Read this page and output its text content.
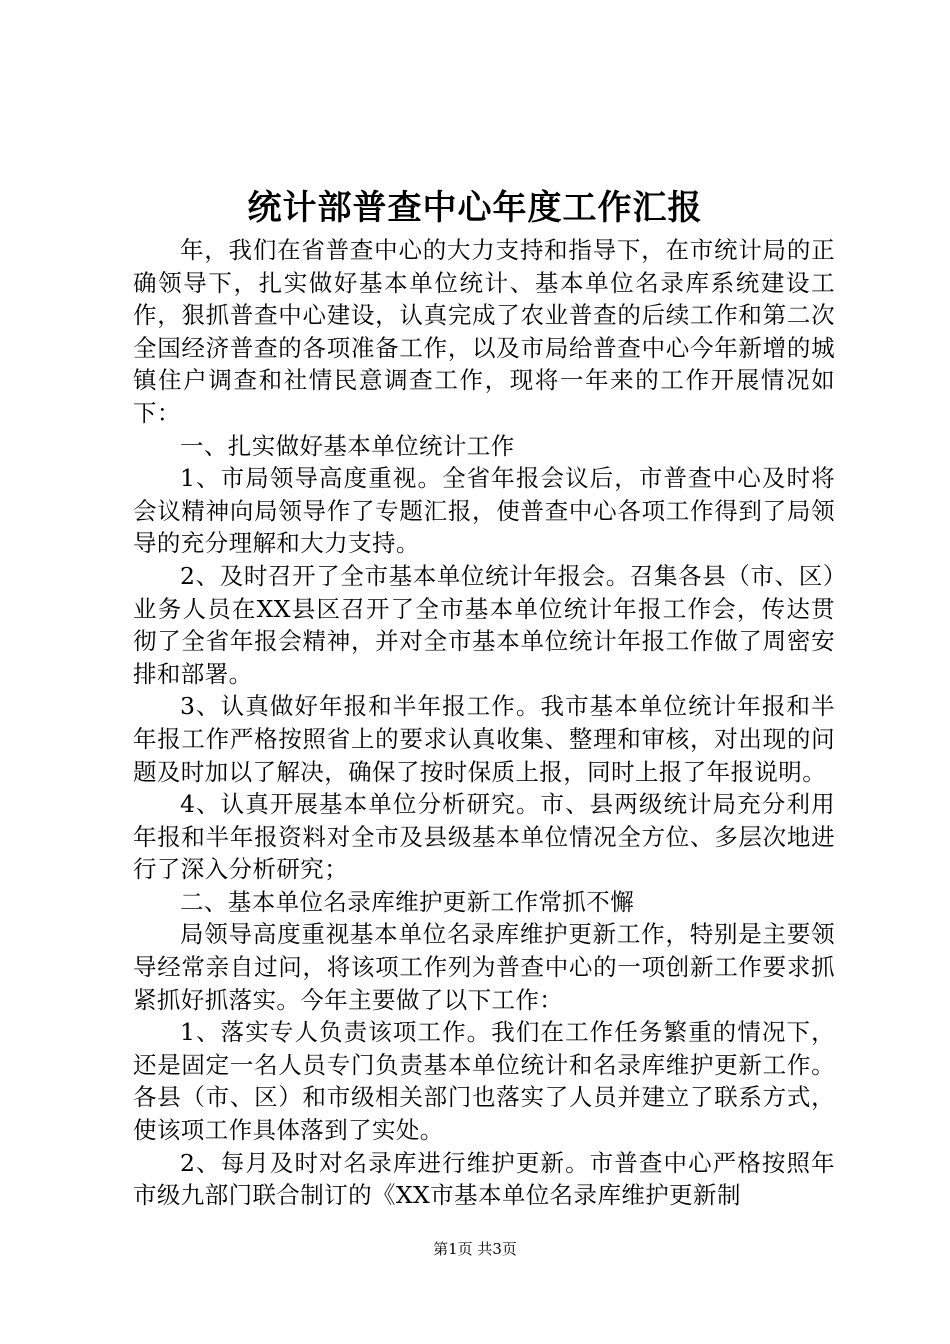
统计部普查中心年度工作汇报

年，我们在省普查中心的大力支持和指导下，在市统计局的正确领导下，扎实做好基本单位统计、基本单位名录库系统建设工作，狠抓普查中心建设，认真完成了农业普查的后续工作和第二次全国经济普查的各项准备工作，以及市局给普查中心今年新增的城镇住户调查和社情民意调查工作，现将一年来的工作开展情况如下：

一、扎实做好基本单位统计工作

1、市局领导高度重视。全省年报会议后，市普查中心及时将会议精神向局领导作了专题汇报，使普查中心各项工作得到了局领导的充分理解和大力支持。

2、及时召开了全市基本单位统计年报会。召集各县（市、区）业务人员在XX县区召开了全市基本单位统计年报工作会，传达贯彻了全省年报会精神，并对全市基本单位统计年报工作做了周密安排和部署。

3、认真做好年报和半年报工作。我市基本单位统计年报和半年报工作严格按照省上的要求认真收集、整理和审核，对出现的问题及时加以了解决，确保了按时保质上报，同时上报了年报说明。

4、认真开展基本单位分析研究。市、县两级统计局充分利用年报和半年报资料对全市及县级基本单位情况全方位、多层次地进行了深入分析研究；

二、基本单位名录库维护更新工作常抓不懈

局领导高度重视基本单位名录库维护更新工作，特别是主要领导经常亲自过问，将该项工作列为普查中心的一项创新工作要求抓紧抓好抓落实。今年主要做了以下工作：

1、落实专人负责该项工作。我们在工作任务繁重的情况下，还是固定一名人员专门负责基本单位统计和名录库维护更新工作。各县（市、区）和市级相关部门也落实了人员并建立了联系方式，使该项工作具体落到了实处。

2、每月及时对名录库进行维护更新。市普查中心严格按照年市级九部门联合制订的《XX市基本单位名录库维护更新制

第1页 共3页
